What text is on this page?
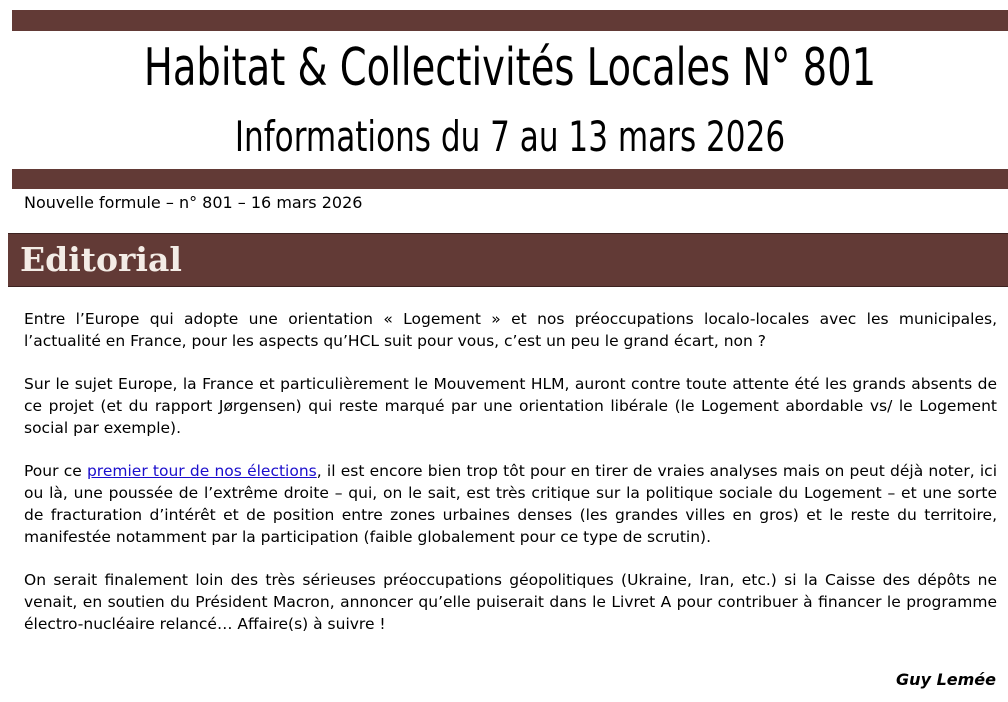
Habitat & Collectivités Locales N° 801
Informations du 7 au 13 mars 2026
Nouvelle formule – n° 801 – 16 mars 2026
Editorial

Entre l’Europe qui adopte une orientation « Logement » et nos préoccupations localo-locales avec les municipales, l’actualité en France, pour les aspects qu’HCL suit pour vous, c’est un peu le grand écart, non ?

Sur le sujet Europe, la France et particulièrement le Mouvement HLM, auront contre toute attente été les grands absents de ce projet (et du rapport Jørgensen) qui reste marqué par une orientation libérale (le Logement abordable vs/ le Logement social par exemple).

Pour ce premier tour de nos élections, il est encore bien trop tôt pour en tirer de vraies analyses mais on peut déjà noter, ici ou là, une poussée de l’extrême droite – qui, on le sait, est très critique sur la politique sociale du Logement – et une sorte de fracturation d’intérêt et de position entre zones urbaines denses (les grandes villes en gros) et le reste du territoire, manifestée notamment par la participation (faible globalement pour ce type de scrutin).

On serait finalement loin des très sérieuses préoccupations géopolitiques (Ukraine, Iran, etc.) si la Caisse des dépôts ne venait, en soutien du Président Macron, annoncer qu’elle puiserait dans le Livret A pour contribuer à financer le programme électro-nucléaire relancé… Affaire(s) à suivre !

Guy Lemée
